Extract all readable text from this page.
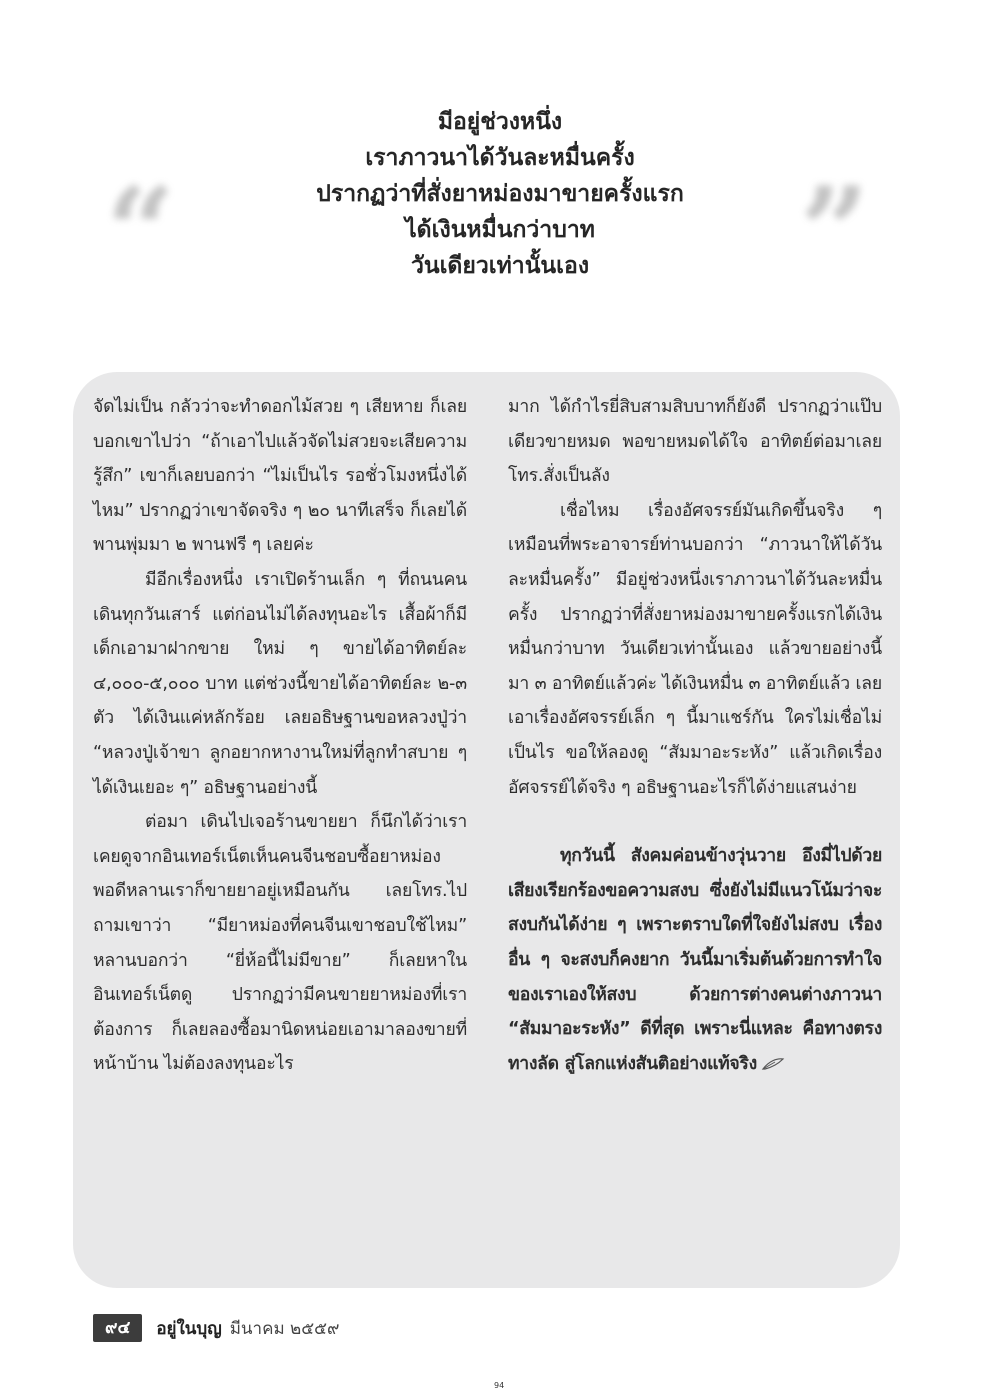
“
มีอยู่ช่วงหนึ่ง
เราภาวนาได้วันละหมื่นครั้ง
ปรากฏว่าที่สั่งยาหม่องมาขายครั้งแรก
ได้เงินหมื่นกว่าบาท
วันเดียวเท่านั้นเอง	”

จัดไม่เป็น กลัวว่าจะทำดอกไม้สวย ๆ เสียหาย ก็เลยบอกเขาไปว่า “ถ้าเอาไปแล้วจัดไม่สวยจะเสียความรู้สึก” เขาก็เลยบอกว่า “ไม่เป็นไร รอชั่วโมงหนึ่งได้ไหม” ปรากฏว่าเขาจัดจริง ๆ ๒๐ นาทีเสร็จ ก็เลยได้พานพุ่มมา ๒ พานฟรี ๆ เลยค่ะ

มีอีกเรื่องหนึ่ง เราเปิดร้านเล็ก ๆ ที่ถนนคนเดินทุกวันเสาร์ แต่ก่อนไม่ได้ลงทุนอะไร เสื้อผ้าก็มีเด็กเอามาฝากขาย ใหม่ ๆ ขายได้อาทิตย์ละ ๔,๐๐๐-๕,๐๐๐ บาท แต่ช่วงนี้ขายได้อาทิตย์ละ ๒-๓ ตัว ได้เงินแค่หลักร้อย เลยอธิษฐานขอหลวงปู่ว่า “หลวงปู่เจ้าขา ลูกอยากหางานใหม่ที่ลูกทำสบาย ๆ ได้เงินเยอะ ๆ” อธิษฐานอย่างนี้

ต่อมา เดินไปเจอร้านขายยา ก็นึกได้ว่าเราเคยดูจากอินเทอร์เน็ตเห็นคนจีนชอบซื้อยาหม่อง พอดีหลานเราก็ขายยาอยู่เหมือนกัน เลยโทร.ไปถามเขาว่า “มียาหม่องที่คนจีนเขาชอบใช้ไหม” หลานบอกว่า “ยี่ห้อนี้ไม่มีขาย” ก็เลยหาในอินเทอร์เน็ตดู ปรากฏว่ามีคนขายยาหม่องที่เราต้องการ ก็เลยลองซื้อมานิดหน่อยเอามาลองขายที่หน้าบ้าน ไม่ต้องลงทุนอะไร

มาก ได้กำไรยี่สิบสามสิบบาทก็ยังดี ปรากฏว่าแป๊บเดียวขายหมด พอขายหมดได้ใจ อาทิตย์ต่อมาเลยโทร.สั่งเป็นลัง

เชื่อไหม เรื่องอัศจรรย์มันเกิดขึ้นจริง ๆ เหมือนที่พระอาจารย์ท่านบอกว่า “ภาวนาให้ได้วันละหมื่นครั้ง” มีอยู่ช่วงหนึ่งเราภาวนาได้วันละหมื่นครั้ง ปรากฏว่าที่สั่งยาหม่องมาขายครั้งแรกได้เงินหมื่นกว่าบาท วันเดียวเท่านั้นเอง แล้วขายอย่างนี้มา ๓ อาทิตย์แล้วค่ะ ได้เงินหมื่น ๓ อาทิตย์แล้ว เลยเอาเรื่องอัศจรรย์เล็ก ๆ นี้มาแชร์กัน ใครไม่เชื่อไม่เป็นไร ขอให้ลองดู “สัมมาอะระหัง” แล้วเกิดเรื่องอัศจรรย์ได้จริง ๆ อธิษฐานอะไรก็ได้ง่ายแสนง่าย

ทุกวันนี้ สังคมค่อนข้างวุ่นวาย อึงมี่ไปด้วยเสียงเรียกร้องขอความสงบ ซึ่งยังไม่มีแนวโน้มว่าจะสงบกันได้ง่าย ๆ เพราะตราบใดที่ใจยังไม่สงบ เรื่องอื่น ๆ จะสงบก็คงยาก วันนี้มาเริ่มต้นด้วยการทำใจของเราเองให้สงบ ด้วยการต่างคนต่างภาวนา “สัมมาอะระหัง” ดีที่สุด เพราะนี่แหละ คือทางตรง ทางลัด สู่โลกแห่งสันติอย่างแท้จริง

๙๔	อยู่ในบุญ มีนาคม ๒๕๕๙
94
